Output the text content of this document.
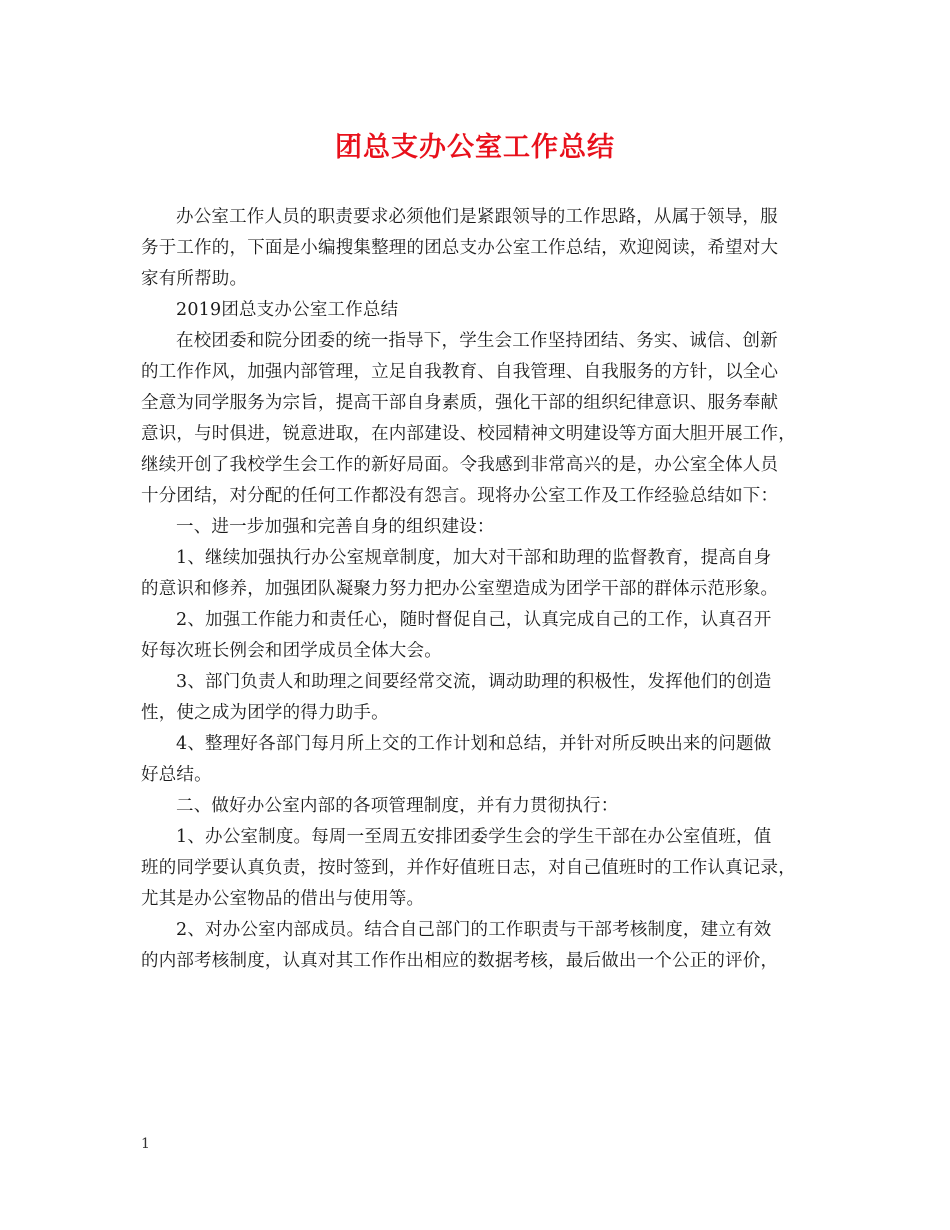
团总支办公室工作总结
办公室工作人员的职责要求必须他们是紧跟领导的工作思路，从属于领导，服
务于工作的，下面是小编搜集整理的团总支办公室工作总结，欢迎阅读，希望对大
家有所帮助。
2019团总支办公室工作总结
在校团委和院分团委的统一指导下，学生会工作坚持团结、务实、诚信、创新
的工作作风，加强内部管理，立足自我教育、自我管理、自我服务的方针，以全心
全意为同学服务为宗旨，提高干部自身素质，强化干部的组织纪律意识、服务奉献
意识，与时俱进，锐意进取，在内部建设、校园精神文明建设等方面大胆开展工作，
继续开创了我校学生会工作的新好局面。令我感到非常高兴的是，办公室全体人员
十分团结，对分配的任何工作都没有怨言。现将办公室工作及工作经验总结如下：
一、进一步加强和完善自身的组织建设：
1、继续加强执行办公室规章制度，加大对干部和助理的监督教育，提高自身
的意识和修养，加强团队凝聚力努力把办公室塑造成为团学干部的群体示范形象。
2、加强工作能力和责任心，随时督促自己，认真完成自己的工作，认真召开
好每次班长例会和团学成员全体大会。
3、部门负责人和助理之间要经常交流，调动助理的积极性，发挥他们的创造
性，使之成为团学的得力助手。
4、整理好各部门每月所上交的工作计划和总结，并针对所反映出来的问题做
好总结。
二、做好办公室内部的各项管理制度，并有力贯彻执行：
1、办公室制度。每周一至周五安排团委学生会的学生干部在办公室值班，值
班的同学要认真负责，按时签到，并作好值班日志，对自己值班时的工作认真记录，
尤其是办公室物品的借出与使用等。
2、对办公室内部成员。结合自己部门的工作职责与干部考核制度，建立有效
的内部考核制度，认真对其工作作出相应的数据考核，最后做出一个公正的评价，
1
